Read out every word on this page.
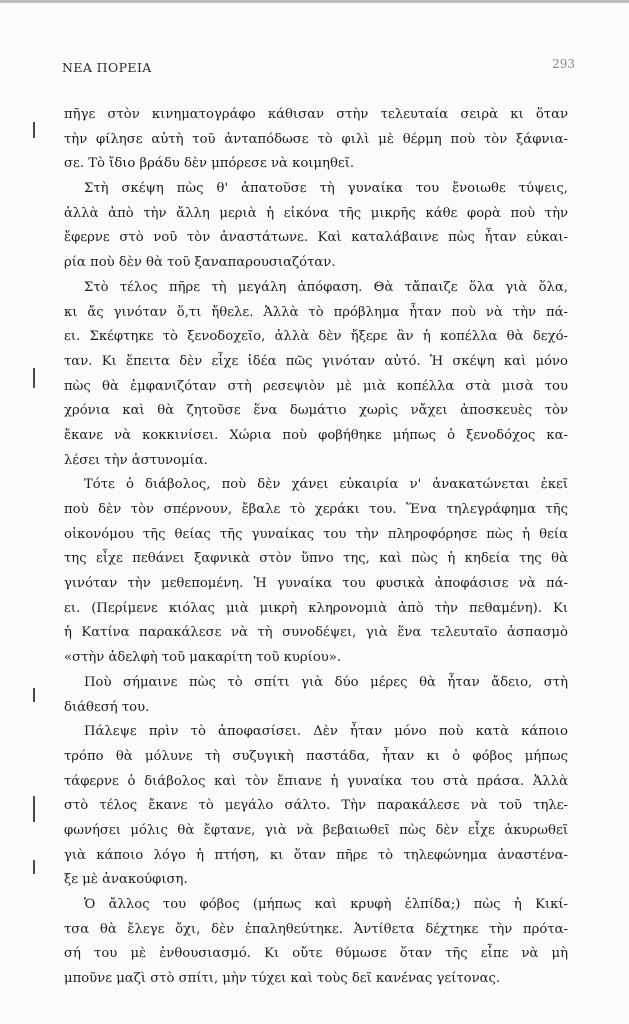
ΝΕΑ ΠΟΡΕΙΑ	293
πῆγε στὸν κινηματογράφο κάθισαν στὴν τελευταία σειρὰ κι ὅταν
τὴν φίλησε αὐτὴ τοῦ ἀνταπόδωσε τὸ φιλὶ μὲ θέρμη ποὺ τὸν ξάφνια-
σε. Τὸ ἴδιο βράδυ δὲν μπόρεσε νὰ κοιμηθεῖ.
Στὴ σκέψη πὼς θ' ἀπατοῦσε τὴ γυναίκα του ἔνοιωθε τύψεις,
ἀλλὰ ἀπὸ τὴν ἄλλη μεριὰ ἡ εἰκόνα τῆς μικρῆς κάθε φορὰ ποὺ τὴν
ἔφερνε στὸ νοῦ τὸν ἀναστάτωνε. Καὶ καταλάβαινε πὼς ἦταν εὐκαι-
ρία ποὺ δὲν θὰ τοῦ ξαναπαρουσιαζόταν.
Στὸ τέλος πῆρε τὴ μεγάλη ἀπόφαση. Θὰ τἄπαιζε ὅλα γιὰ ὅλα,
κι ἄς γινόταν ὅ,τι ἤθελε. Ἀλλὰ τὸ πρόβλημα ἦταν ποὺ νὰ τὴν πά-
ει. Σκέφτηκε τὸ ξενοδοχεῖο, ἀλλὰ δὲν ἤξερε ἂν ἡ κοπέλλα θὰ δεχό-
ταν. Κι ἔπειτα δὲν εἶχε ἰδέα πῶς γινόταν αὐτό. Ἡ σκέψη καὶ μόνο
πὼς θὰ ἐμφανιζόταν στὴ ρεσεψιὸν μὲ μιὰ κοπέλλα στὰ μισὰ του
χρόνια καὶ θὰ ζητοῦσε ἕνα δωμάτιο χωρὶς νἄχει ἀποσκευὲς τὸν
ἔκανε νὰ κοκκινίσει. Χώρια ποὺ φοβήθηκε μήπως ὁ ξενοδόχος κα-
λέσει τὴν ἀστυνομία.
Τότε ὁ διάβολος, ποὺ δὲν χάνει εὐκαιρία ν' ἀνακατώνεται ἐκεῖ
ποὺ δὲν τὸν σπέρνουν, ἔβαλε τὸ χεράκι του. Ἕνα τηλεγράφημα τῆς
οἰκονόμου τῆς θείας τῆς γυναίκας του τὴν πληροφόρησε πὼς ἡ θεία
της εἶχε πεθάνει ξαφνικὰ στὸν ὕπνο της, καὶ πὼς ἡ κηδεία της θὰ
γινόταν τὴν μεθεπομένη. Ἡ γυναίκα του φυσικὰ ἀποφάσισε νὰ πά-
ει. (Περίμενε κιόλας μιὰ μικρὴ κληρονομιὰ ἀπὸ τὴν πεθαμένη). Κι
ἡ Κατίνα παρακάλεσε νὰ τὴ συνοδέψει, γιὰ ἕνα τελευταῖο ἀσπασμὸ
«στὴν ἀδελφὴ τοῦ μακαρίτη τοῦ κυρίου».
Ποὺ σήμαινε πὼς τὸ σπίτι γιὰ δύο μέρες θὰ ἦταν ἄδειο, στὴ
διάθεσή του.
Πάλεψε πρὶν τὸ ἀποφασίσει. Δὲν ἦταν μόνο ποὺ κατὰ κάποιο
τρόπο θὰ μόλυνε τὴ συζυγικὴ παστάδα, ἦταν κι ὁ φόβος μήπως
τάφερνε ὁ διάβολος καὶ τὸν ἔπιανε ἡ γυναίκα του στὰ πράσα. Ἀλλὰ
στὸ τέλος ἔκανε τὸ μεγάλο σάλτο. Τὴν παρακάλεσε νὰ τοῦ τηλε-
φωνήσει μόλις θὰ ἔφτανε, γιὰ νὰ βεβαιωθεῖ πὼς δὲν εἶχε ἀκυρωθεῖ
γιὰ κάποιο λόγο ἡ πτήση, κι ὅταν πῆρε τὸ τηλεφώνημα ἀναστένα-
ξε μὲ ἀνακούφιση.
Ὁ ἄλλος του φόβος (μήπως καὶ κρυφὴ ἐλπίδα;) πὼς ἡ Κικί-
τσα θὰ ἔλεγε ὄχι, δὲν ἐπαληθεύτηκε. Ἀντίθετα δέχτηκε τὴν πρότα-
σή του μὲ ἐνθουσιασμό. Κι οὔτε θύμωσε ὅταν τῆς εἶπε νὰ μὴ
μποῦνε μαζὶ στὸ σπίτι, μὴν τύχει καὶ τοὺς δεῖ κανένας γείτονας.
